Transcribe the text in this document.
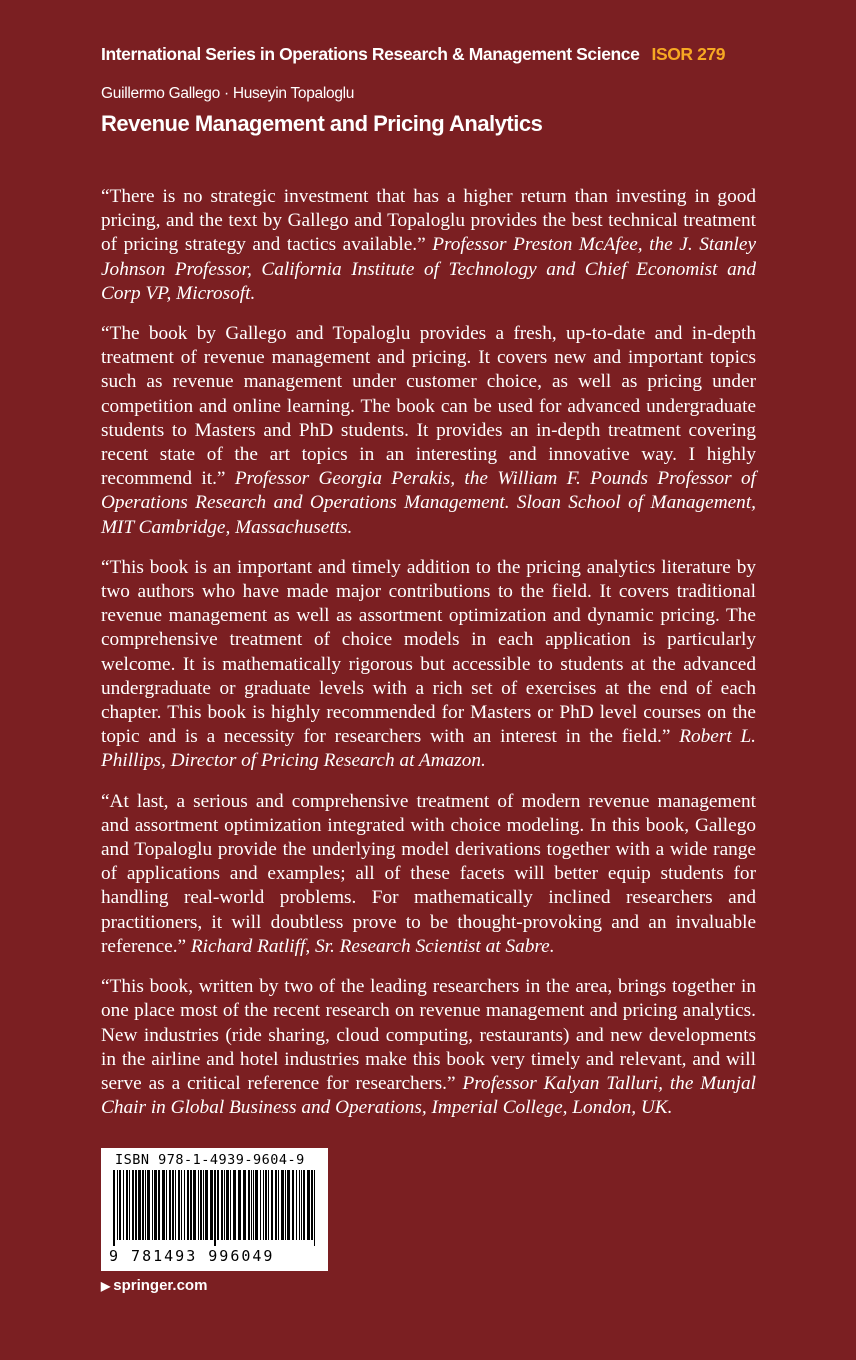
International Series in Operations Research & Management Science ISOR 279
Guillermo Gallego · Huseyin Topaloglu
Revenue Management and Pricing Analytics

“There is no strategic investment that has a higher return than investing in good pricing, and the text by Gallego and Topaloglu provides the best technical treatment of pricing strategy and tactics available.” Professor Preston McAfee, the J. Stanley Johnson Professor, California Institute of Technology and Chief Economist and Corp VP, Microsoft.

“The book by Gallego and Topaloglu provides a fresh, up-to-date and in-depth treatment of revenue management and pricing. It covers new and important topics such as revenue management under customer choice, as well as pricing under competition and online learning. The book can be used for advanced undergraduate students to Masters and PhD students. It provides an in-depth treatment covering recent state of the art topics in an interesting and innovative way. I highly recommend it.” Professor Georgia Perakis, the William F. Pounds Professor of Operations Research and Operations Management. Sloan School of Management, MIT Cambridge, Massachusetts.

“This book is an important and timely addition to the pricing analytics literature by two authors who have made major contributions to the field. It covers traditional revenue management as well as assortment optimization and dynamic pricing. The comprehensive treatment of choice models in each application is particularly welcome. It is mathematically rigorous but accessible to students at the advanced undergraduate or graduate levels with a rich set of exercises at the end of each chapter. This book is highly recommended for Masters or PhD level courses on the topic and is a necessity for researchers with an interest in the field.” Robert L. Phillips, Director of Pricing Research at Amazon.

“At last, a serious and comprehensive treatment of modern revenue management and assortment optimization integrated with choice modeling. In this book, Gallego and Topaloglu provide the underlying model derivations together with a wide range of applications and examples; all of these facets will better equip students for handling real-world problems. For mathematically inclined researchers and practitioners, it will doubtless prove to be thought-provoking and an invaluable reference.” Richard Ratliff, Sr. Research Scientist at Sabre.

“This book, written by two of the leading researchers in the area, brings together in one place most of the recent research on revenue management and pricing analytics. New industries (ride sharing, cloud computing, restaurants) and new developments in the airline and hotel industries make this book very timely and relevant, and will serve as a critical reference for researchers.” Professor Kalyan Talluri, the Munjal Chair in Global Business and Operations, Imperial College, London, UK.

ISBN 978-1-4939-9604-9
9 781493 996049
▶ springer.com
